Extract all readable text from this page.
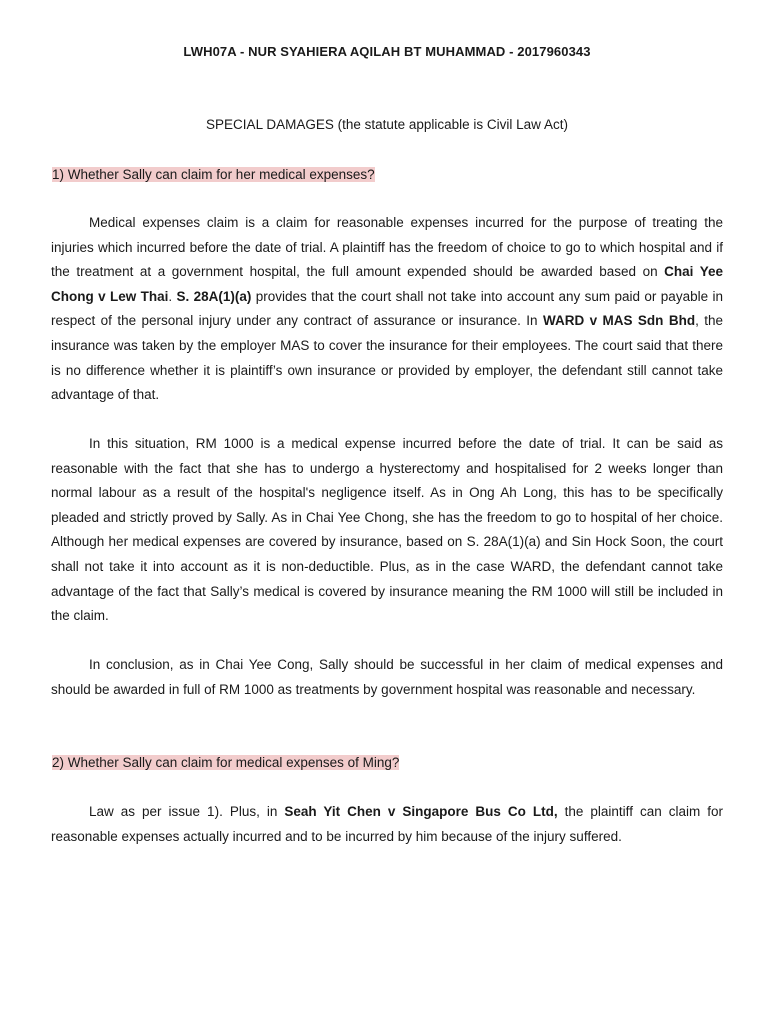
LWH07A - NUR SYAHIERA AQILAH BT MUHAMMAD - 2017960343
SPECIAL DAMAGES (the statute applicable is Civil Law Act)
1) Whether Sally can claim for her medical expenses?

Medical expenses claim is a claim for reasonable expenses incurred for the purpose of treating the injuries which incurred before the date of trial. A plaintiff has the freedom of choice to go to which hospital and if the treatment at a government hospital, the full amount expended should be awarded based on Chai Yee Chong v Lew Thai. S. 28A(1)(a) provides that the court shall not take into account any sum paid or payable in respect of the personal injury under any contract of assurance or insurance. In WARD v MAS Sdn Bhd, the insurance was taken by the employer MAS to cover the insurance for their employees. The court said that there is no difference whether it is plaintiff’s own insurance or provided by employer, the defendant still cannot take advantage of that.

In this situation, RM 1000 is a medical expense incurred before the date of trial. It can be said as reasonable with the fact that she has to undergo a hysterectomy and hospitalised for 2 weeks longer than normal labour as a result of the hospital's negligence itself. As in Ong Ah Long, this has to be specifically pleaded and strictly proved by Sally. As in Chai Yee Chong, she has the freedom to go to hospital of her choice. Although her medical expenses are covered by insurance, based on S. 28A(1)(a) and Sin Hock Soon, the court shall not take it into account as it is non-deductible. Plus, as in the case WARD, the defendant cannot take advantage of the fact that Sally’s medical is covered by insurance meaning the RM 1000 will still be included in the claim.

In conclusion, as in Chai Yee Cong, Sally should be successful in her claim of medical expenses and should be awarded in full of RM 1000 as treatments by government hospital was reasonable and necessary.

2) Whether Sally can claim for medical expenses of Ming?

Law as per issue 1). Plus, in Seah Yit Chen v Singapore Bus Co Ltd, the plaintiff can claim for reasonable expenses actually incurred and to be incurred by him because of the injury suffered.
